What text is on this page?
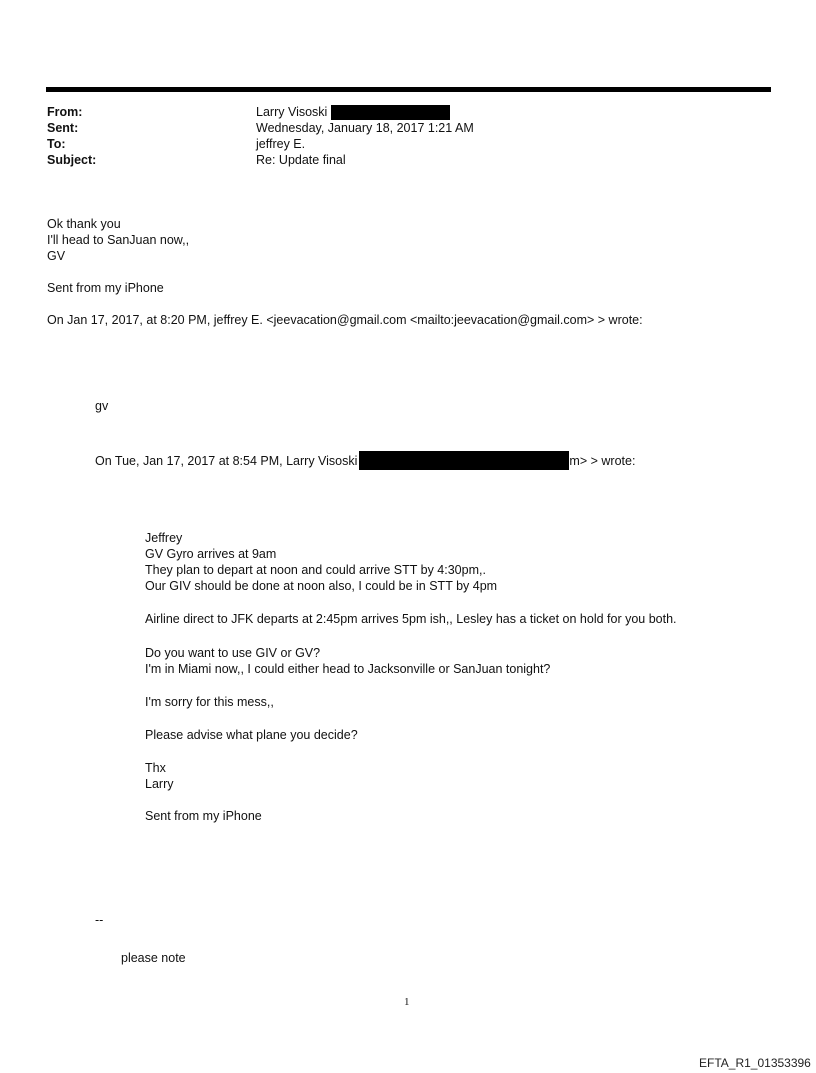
From:	Larry Visoski
Sent:	Wednesday, January 18, 2017 1:21 AM
To:	jeffrey E.
Subject:	Re: Update final
Ok thank you
I'll head to SanJuan now,,
GV
Sent from my iPhone
On Jan 17, 2017, at 8:20 PM, jeffrey E. <jeevacation@gmail.com <mailto:jeevacation@gmail.com> > wrote:
gv
On Tue, Jan 17, 2017 at 8:54 PM, Larry Visoski	m> > wrote:
Jeffrey
GV Gyro arrives at 9am
They plan to depart at noon and could arrive STT by 4:30pm,.
Our GIV should be done at noon also, I could be in STT by 4pm
Airline direct to JFK departs at 2:45pm arrives 5pm ish,, Lesley has a ticket on hold for you both.
Do you want to use GIV or GV?
I'm in Miami now,, I could either head to Jacksonville or SanJuan tonight?
I'm sorry for this mess,,
Please advise what plane you decide?
Thx
Larry
Sent from my iPhone
--
please note
1
EFTA_R1_01353396
